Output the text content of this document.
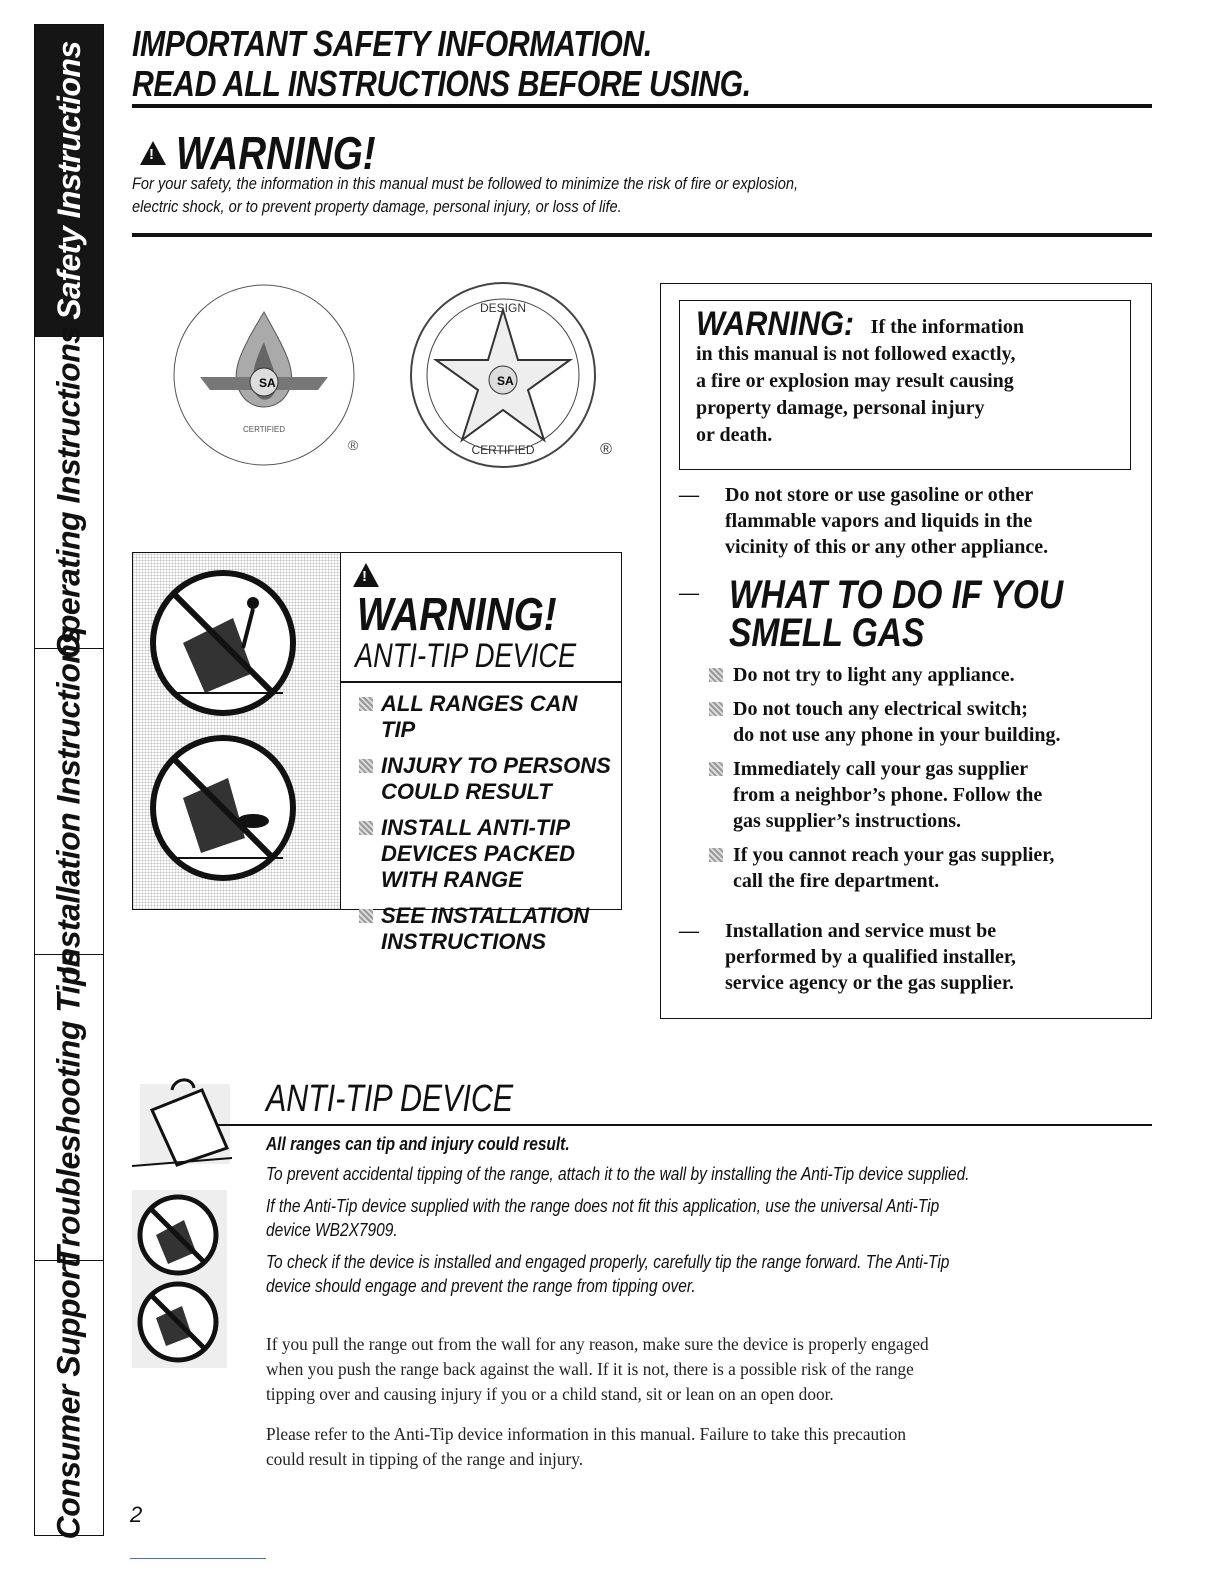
Safety Instructions
Operating Instructions
Installation Instructions
Troubleshooting Tips
Consumer Support
IMPORTANT SAFETY INFORMATION.
READ ALL INSTRUCTIONS BEFORE USING.
! WARNING!
For your safety, the information in this manual must be followed to minimize the risk of fire or explosion,
electric shock, or to prevent property damage, personal injury, or loss of life.
SA
CERTIFIED
®
SA
DESIGN
CERTIFIED	®
! WARNING!
ANTI-TIP DEVICE
ALL RANGES CAN TIP
INJURY TO PERSONS COULD RESULT
INSTALL ANTI-TIP DEVICES PACKED WITH RANGE
SEE INSTALLATION INSTRUCTIONS
WARNING: If the information
in this manual is not followed exactly,
a fire or explosion may result causing
property damage, personal injury
or death.
— Do not store or use gasoline or other
flammable vapors and liquids in the
vicinity of this or any other appliance.
— WHAT TO DO IF YOU
SMELL GAS
Do not try to light any appliance.
Do not touch any electrical switch;
do not use any phone in your building.
Immediately call your gas supplier
from a neighbor’s phone. Follow the
gas supplier’s instructions.
If you cannot reach your gas supplier,
call the fire department.
— Installation and service must be
performed by a qualified installer,
service agency or the gas supplier.
ANTI-TIP DEVICE

All ranges can tip and injury could result.

To prevent accidental tipping of the range, attach it to the wall by installing the Anti-Tip device supplied.

If the Anti-Tip device supplied with the range does not fit this application, use the universal Anti-Tip
device WB2X7909.

To check if the device is installed and engaged properly, carefully tip the range forward. The Anti-Tip
device should engage and prevent the range from tipping over.

If you pull the range out from the wall for any reason, make sure the device is properly engaged
when you push the range back against the wall. If it is not, there is a possible risk of the range
tipping over and causing injury if you or a child stand, sit or lean on an open door.
Please refer to the Anti-Tip device information in this manual. Failure to take this precaution
could result in tipping of the range and injury.
2
